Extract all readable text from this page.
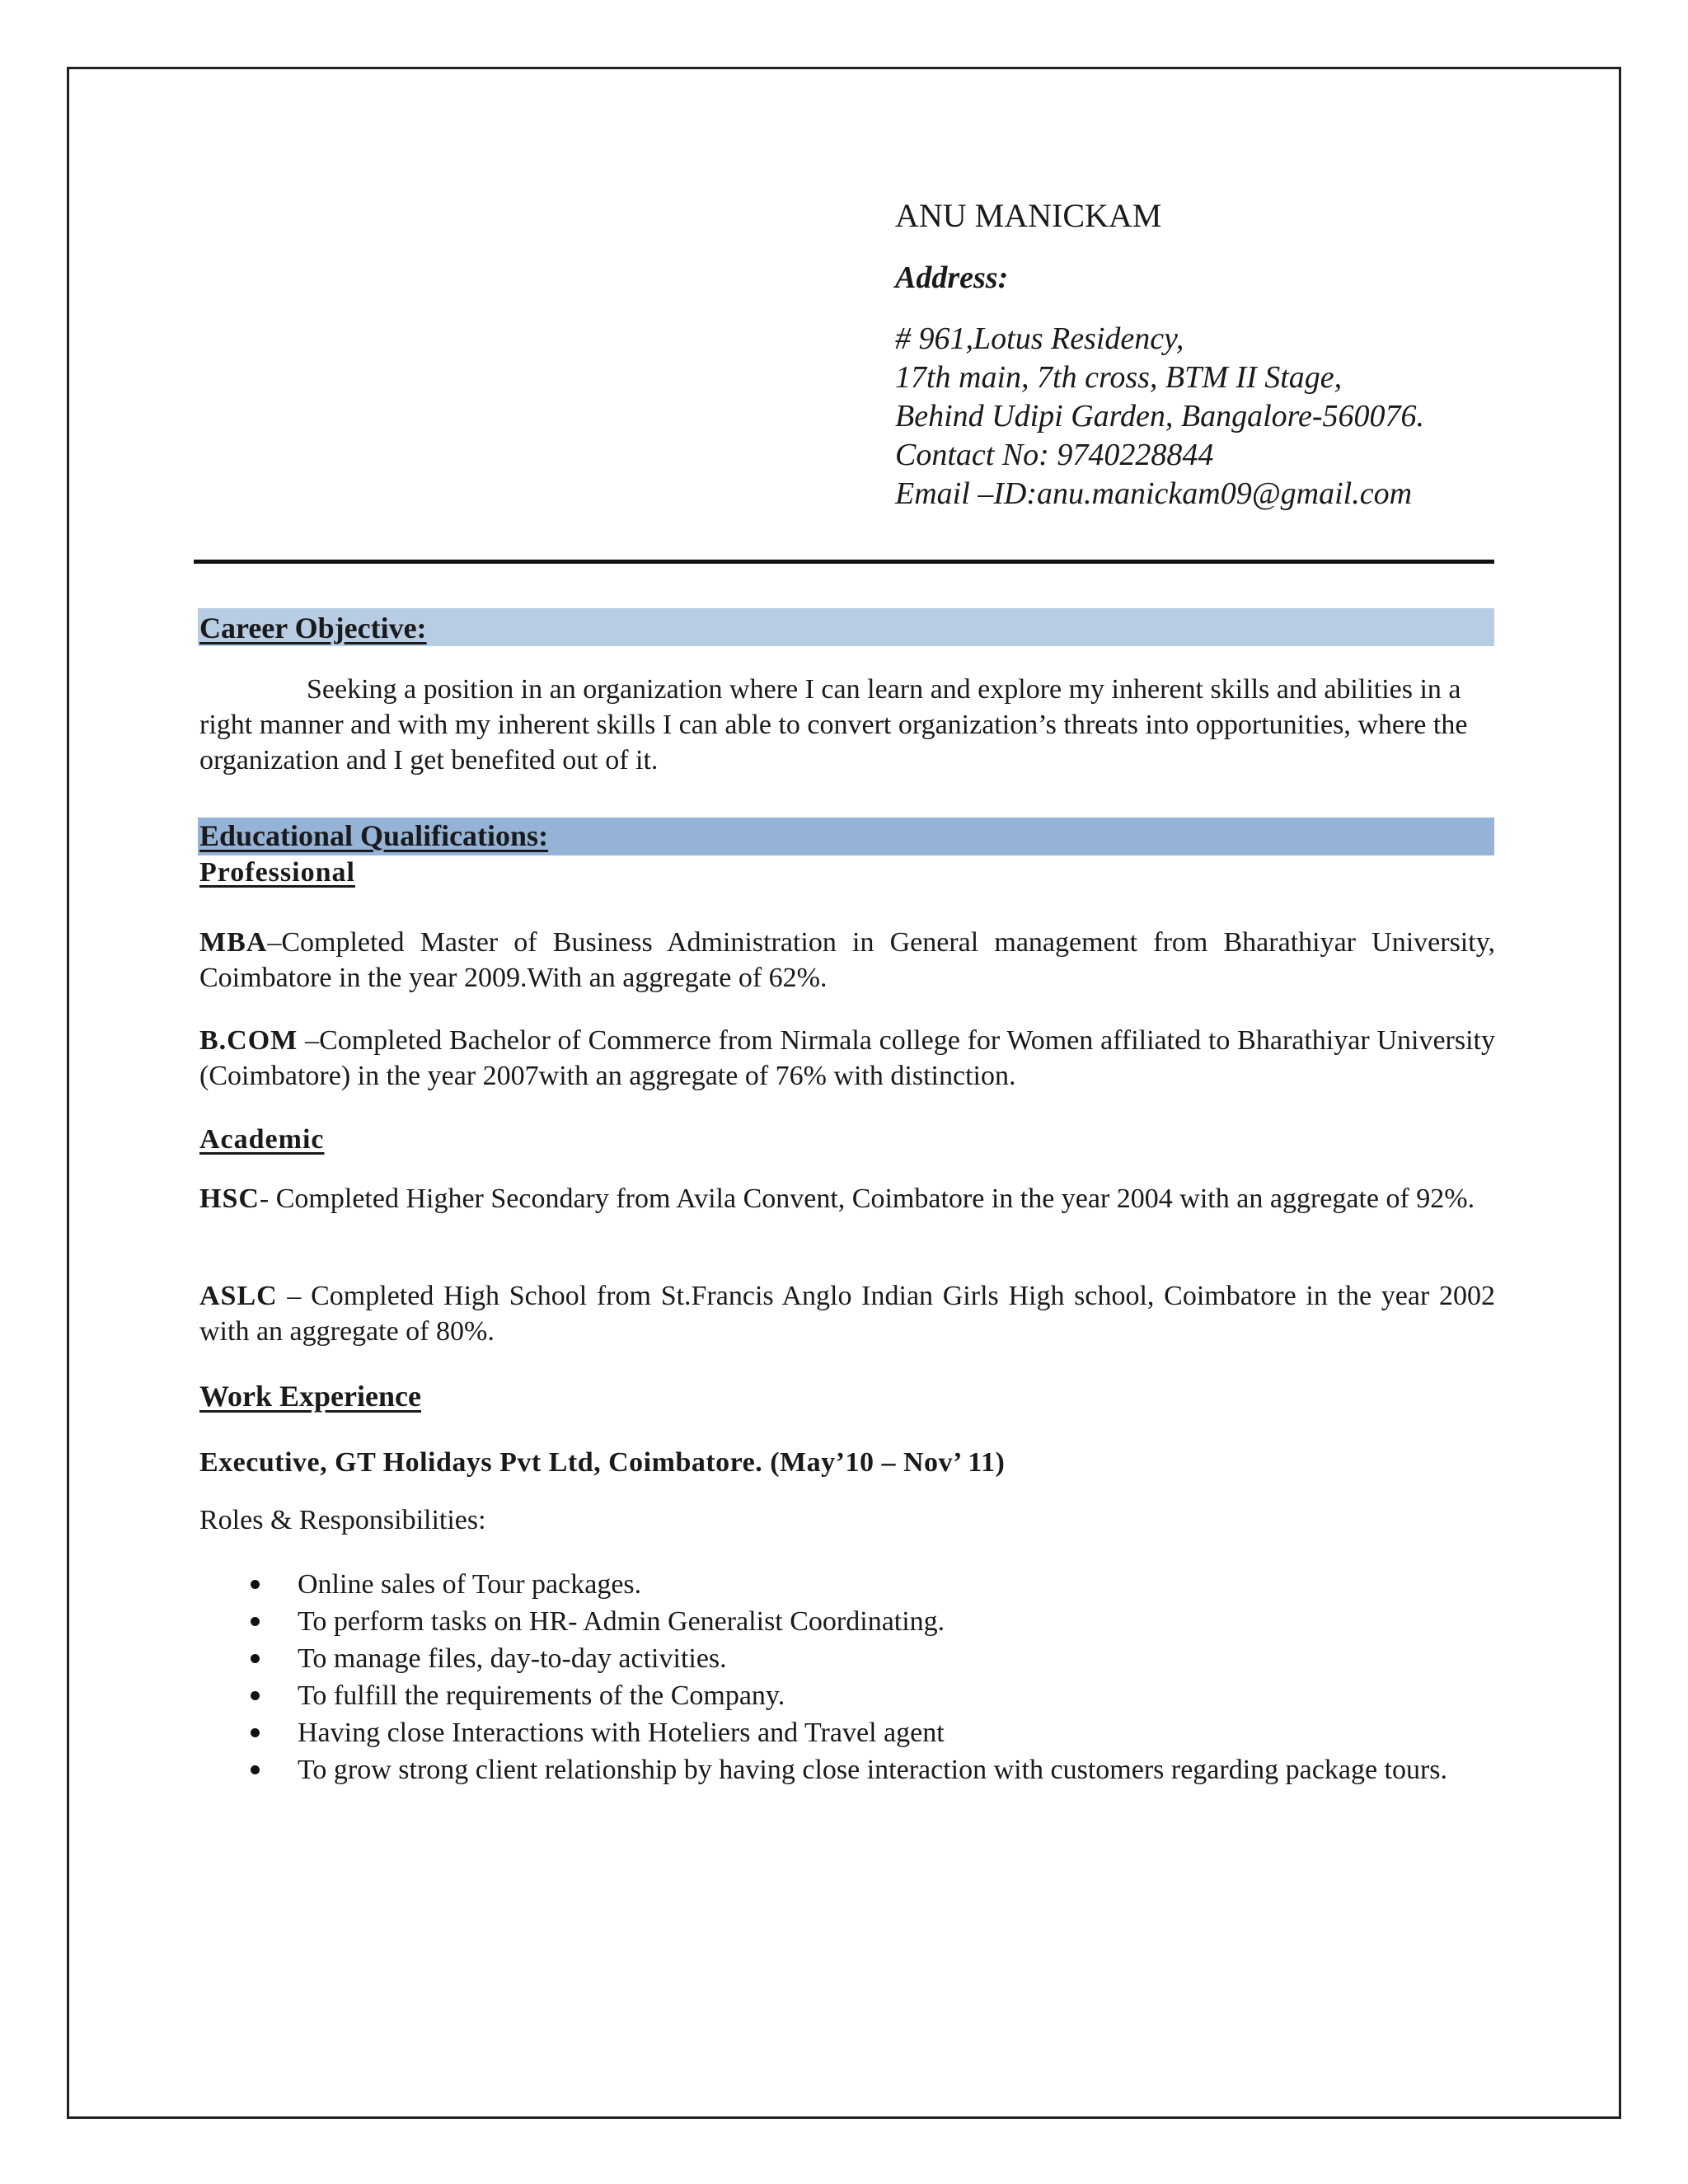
ANU MANICKAM

Address:

# 961,Lotus Residency,

17th main, 7th cross, BTM II Stage,

Behind Udipi Garden, Bangalore-560076.

Contact No: 9740228844

Email –ID:anu.manickam09@gmail.com

Career Objective:

Seeking a position in an organization where I can learn and explore my inherent skills and abilities in a right manner and with my inherent skills I can able to convert organization’s threats into opportunities, where the organization and I get benefited out of it.

Educational Qualifications:
Professional

MBA–Completed Master of Business Administration in General management from Bharathiyar University, Coimbatore in the year 2009.With an aggregate of 62%.

B.COM –Completed Bachelor of Commerce from Nirmala college for Women affiliated to Bharathiyar University (Coimbatore) in the year 2007with an aggregate of 76% with distinction.

Academic

HSC- Completed Higher Secondary from Avila Convent, Coimbatore in the year 2004 with an aggregate of 92%.

ASLC – Completed High School from St.Francis Anglo Indian Girls High school, Coimbatore in the year 2002 with an aggregate of 80%.

Work Experience
Executive, GT Holidays Pvt Ltd, Coimbatore. (May’10 – Nov’ 11)
Roles & Responsibilities:
Online sales of Tour packages.
To perform tasks on HR- Admin Generalist Coordinating.
To manage files, day-to-day activities.
To fulfill the requirements of the Company.
Having close Interactions with Hoteliers and Travel agent
To grow strong client relationship by having close interaction with customers regarding package tours.
